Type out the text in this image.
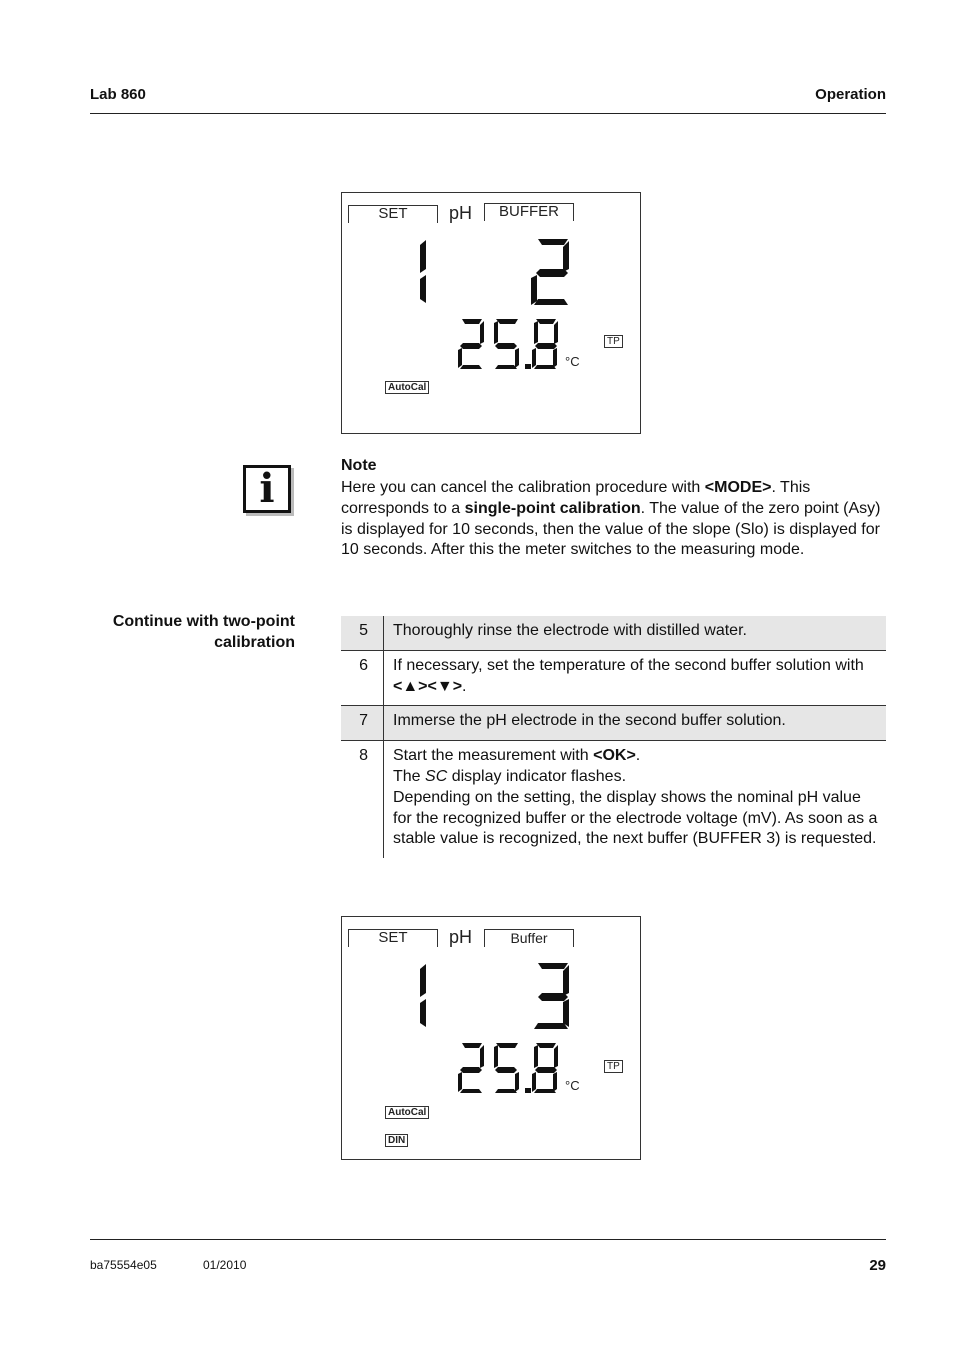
Lab 860	Operation
SET	pH	BUFFER
°C
TP
AutoCal
i	Note
Here you can cancel the calibration procedure with <MODE>. This corresponds to a single-point calibration. The value of the zero point (Asy) is displayed for 10 seconds, then the value of the slope (Slo) is displayed for 10 seconds. After this the meter switches to the measuring mode.
Continue with two-point
calibration
5	Thoroughly rinse the electrode with distilled water.
6	If necessary, set the temperature of the second buffer solution with <▲><▼>.
7	Immerse the pH electrode in the second buffer solution.
8	Start the measurement with <OK>.
The SC display indicator flashes.
Depending on the setting, the display shows the nominal pH value for the recognized buffer or the electrode voltage (mV). As soon as a stable value is recognized, the next buffer (BUFFER 3) is requested.
SET	pH	Buffer
°C
TP
AutoCal
DIN
ba75554e05	01/2010	29
